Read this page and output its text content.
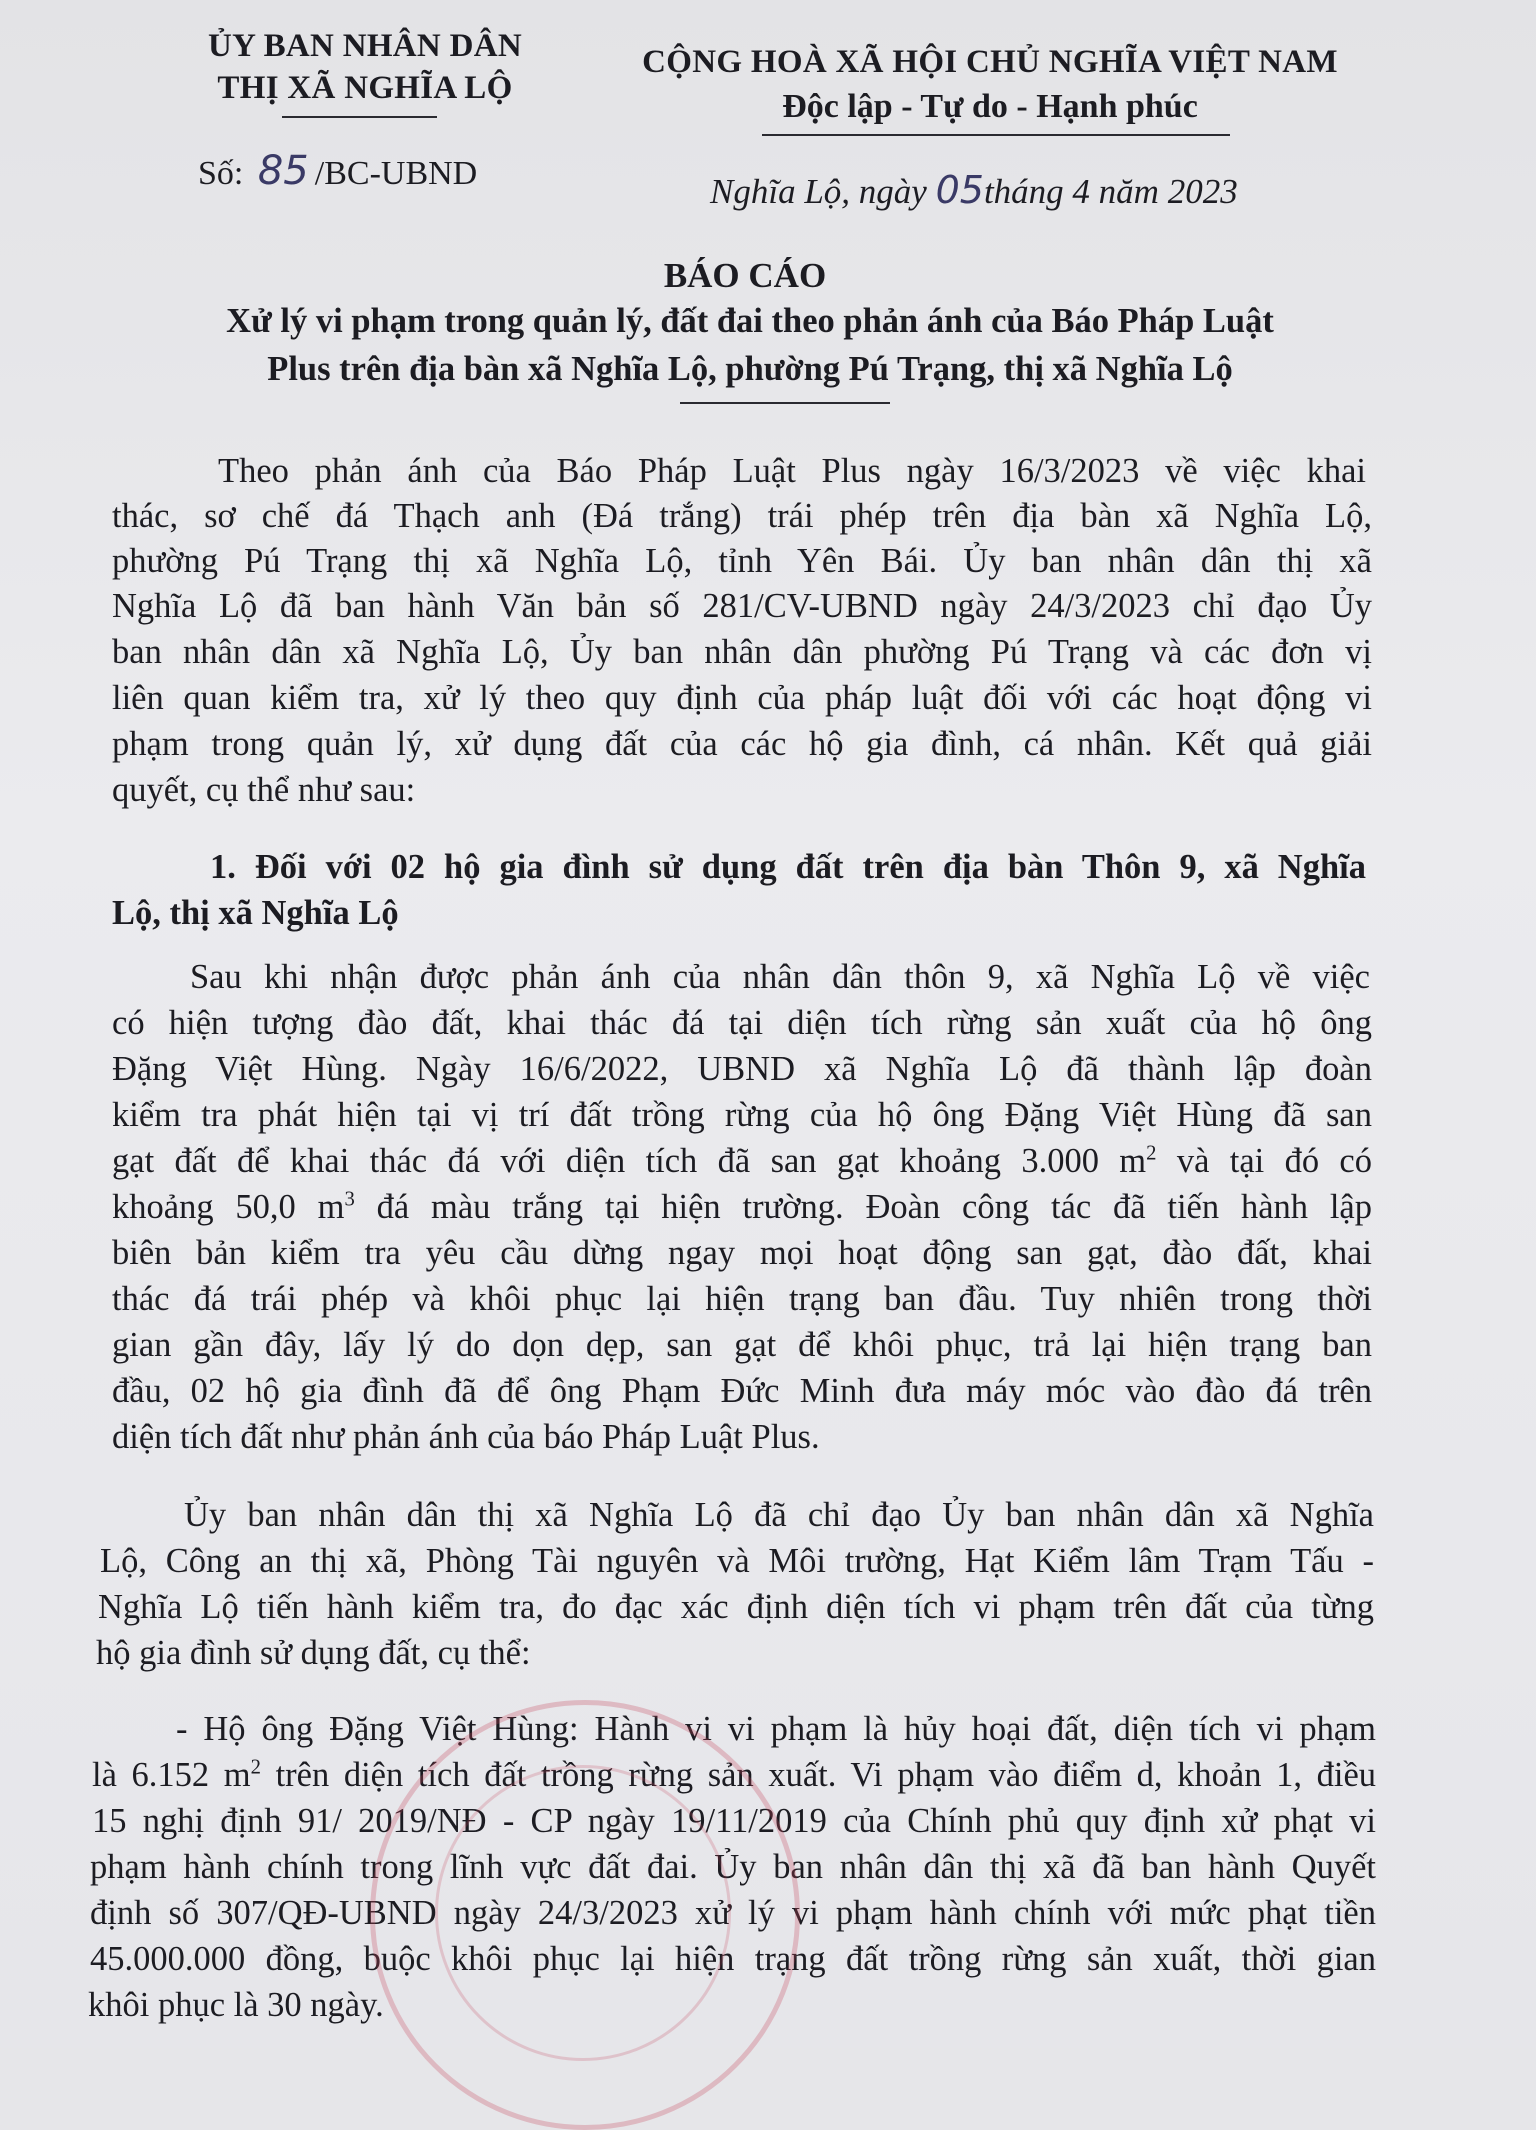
ỦY BAN NHÂN DÂN
THỊ XÃ NGHĨA LỘ
CỘNG HOÀ XÃ HỘI CHỦ NGHĨA VIỆT NAM
Độc lập - Tự do - Hạnh phúc
Số: 85 /BC-UBND	Nghĩa Lộ, ngày 05tháng 4 năm 2023
BÁO CÁO
Xử lý vi phạm trong quản lý, đất đai theo phản ánh của Báo Pháp Luật
Plus trên địa bàn xã Nghĩa Lộ, phường Pú Trạng, thị xã Nghĩa Lộ
Theo phản ánh của Báo Pháp Luật Plus ngày 16/3/2023 về việc khai
thác, sơ chế đá Thạch anh (Đá trắng) trái phép trên địa bàn xã Nghĩa Lộ,
phường Pú Trạng thị xã Nghĩa Lộ, tỉnh Yên Bái. Ủy ban nhân dân thị xã
Nghĩa Lộ đã ban hành Văn bản số 281/CV-UBND ngày 24/3/2023 chỉ đạo Ủy
ban nhân dân xã Nghĩa Lộ, Ủy ban nhân dân phường Pú Trạng và các đơn vị
liên quan kiểm tra, xử lý theo quy định của pháp luật đối với các hoạt động vi
phạm trong quản lý, xử dụng đất của các hộ gia đình, cá nhân. Kết quả giải
quyết, cụ thể như sau:
1. Đối với 02 hộ gia đình sử dụng đất trên địa bàn Thôn 9, xã Nghĩa
Lộ, thị xã Nghĩa Lộ
Sau khi nhận được phản ánh của nhân dân thôn 9, xã Nghĩa Lộ về việc
có hiện tượng đào đất, khai thác đá tại diện tích rừng sản xuất của hộ ông
Đặng Việt Hùng. Ngày 16/6/2022, UBND xã Nghĩa Lộ đã thành lập đoàn
kiểm tra phát hiện tại vị trí đất trồng rừng của hộ ông Đặng Việt Hùng đã san
gạt đất để khai thác đá với diện tích đã san gạt khoảng 3.000 $m^2$ và tại đó có
khoảng 50,0 $m^3$ đá màu trắng tại hiện trường. Đoàn công tác đã tiến hành lập
biên bản kiểm tra yêu cầu dừng ngay mọi hoạt động san gạt, đào đất, khai
thác đá trái phép và khôi phục lại hiện trạng ban đầu. Tuy nhiên trong thời
gian gần đây, lấy lý do dọn dẹp, san gạt để khôi phục, trả lại hiện trạng ban
đầu, 02 hộ gia đình đã để ông Phạm Đức Minh đưa máy móc vào đào đá trên
diện tích đất như phản ánh của báo Pháp Luật Plus.
Ủy ban nhân dân thị xã Nghĩa Lộ đã chỉ đạo Ủy ban nhân dân xã Nghĩa
Lộ, Công an thị xã, Phòng Tài nguyên và Môi trường, Hạt Kiểm lâm Trạm Tấu -
Nghĩa Lộ tiến hành kiểm tra, đo đạc xác định diện tích vi phạm trên đất của từng
hộ gia đình sử dụng đất, cụ thể:
- Hộ ông Đặng Việt Hùng: Hành vi vi phạm là hủy hoại đất, diện tích vi phạm
là 6.152 $m^2$ trên diện tích đất trồng rừng sản xuất. Vi phạm vào điểm d, khoản 1, điều
15 nghị định 91/ 2019/NĐ - CP ngày 19/11/2019 của Chính phủ quy định xử phạt vi
phạm hành chính trong lĩnh vực đất đai. Ủy ban nhân dân thị xã đã ban hành Quyết
định số 307/QĐ-UBND ngày 24/3/2023 xử lý vi phạm hành chính với mức phạt tiền
45.000.000 đồng, buộc khôi phục lại hiện trạng đất trồng rừng sản xuất, thời gian
khôi phục là 30 ngày.
